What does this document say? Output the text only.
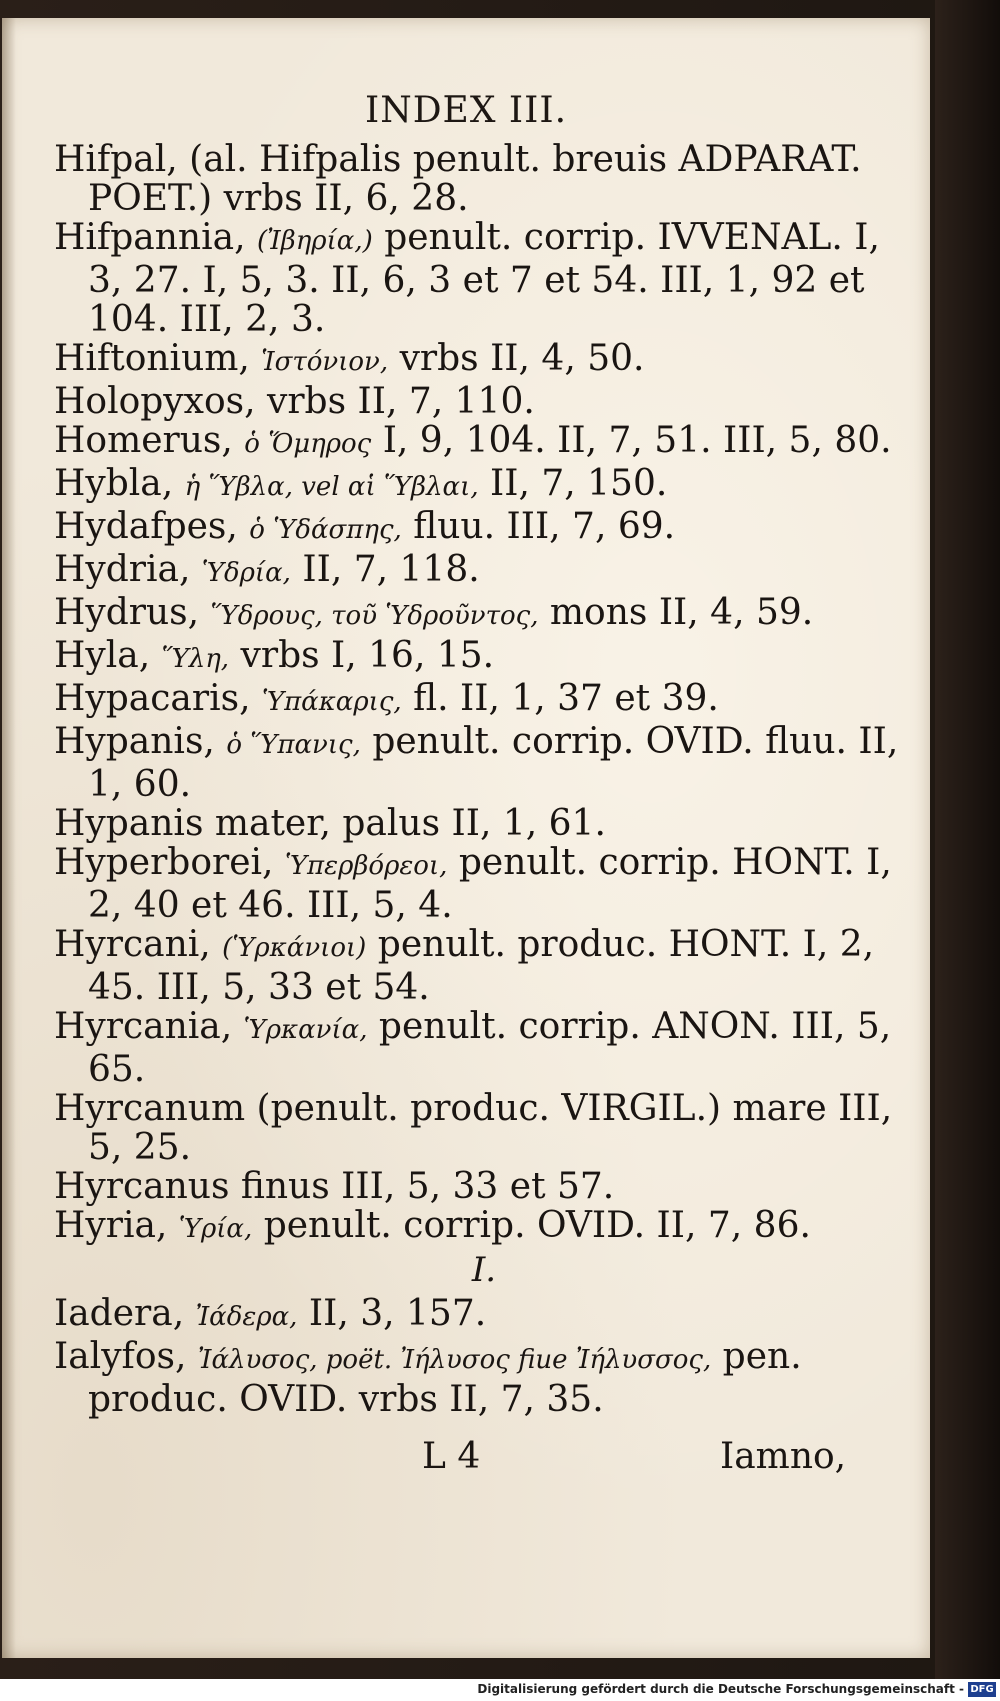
INDEX III.

Hifpal, (al. Hifpalis penult. breuis ADPARAT. POET.) vrbs II, 6, 28.

Hifpannia, (Ἰβηρία,) penult. corrip. IVVENAL. I, 3, 27. I, 5, 3. II, 6, 3 et 7 et 54. III, 1, 92 et 104. III, 2, 3.

Hiftonium, Ἱστόνιον, vrbs II, 4, 50.

Holopyxos, vrbs II, 7, 110.

Homerus, ὁ Ὅμηρος I, 9, 104. II, 7, 51. III, 5, 80.

Hybla, ἡ Ὕβλα, vel αἱ Ὕβλαι, II, 7, 150.

Hydafpes, ὁ Ὑδάσπης, fluu. III, 7, 69.

Hydria, Ὑδρία, II, 7, 118.

Hydrus, Ὕδρους, τοῦ Ὑδροῦντος, mons II, 4, 59.

Hyla, Ὕλη, vrbs I, 16, 15.

Hypacaris, Ὑπάκαρις, fl. II, 1, 37 et 39.

Hypanis, ὁ Ὕπανις, penult. corrip. OVID. fluu. II, 1, 60.

Hypanis mater, palus II, 1, 61.

Hyperborei, Ὑπερβόρεοι, penult. corrip. HONT. I, 2, 40 et 46. III, 5, 4.

Hyrcani, (Ὑρκάνιοι) penult. produc. HONT. I, 2, 45. III, 5, 33 et 54.

Hyrcania, Ὑρκανία, penult. corrip. ANON. III, 5, 65.

Hyrcanum (penult. produc. VIRGIL.) mare III, 5, 25.

Hyrcanus finus III, 5, 33 et 57.

Hyria, Ὑρία, penult. corrip. OVID. II, 7, 86.

I.

Iadera, Ἰάδερα, II, 3, 157.

Ialyfos, Ἰάλυσος, poët. Ἰήλυσος fiue Ἰήλυσσος, pen. produc. OVID. vrbs II, 7, 35.

L 4	Iamno,
Digitalisierung gefördert durch die Deutsche Forschungsgemeinschaft - DFG
